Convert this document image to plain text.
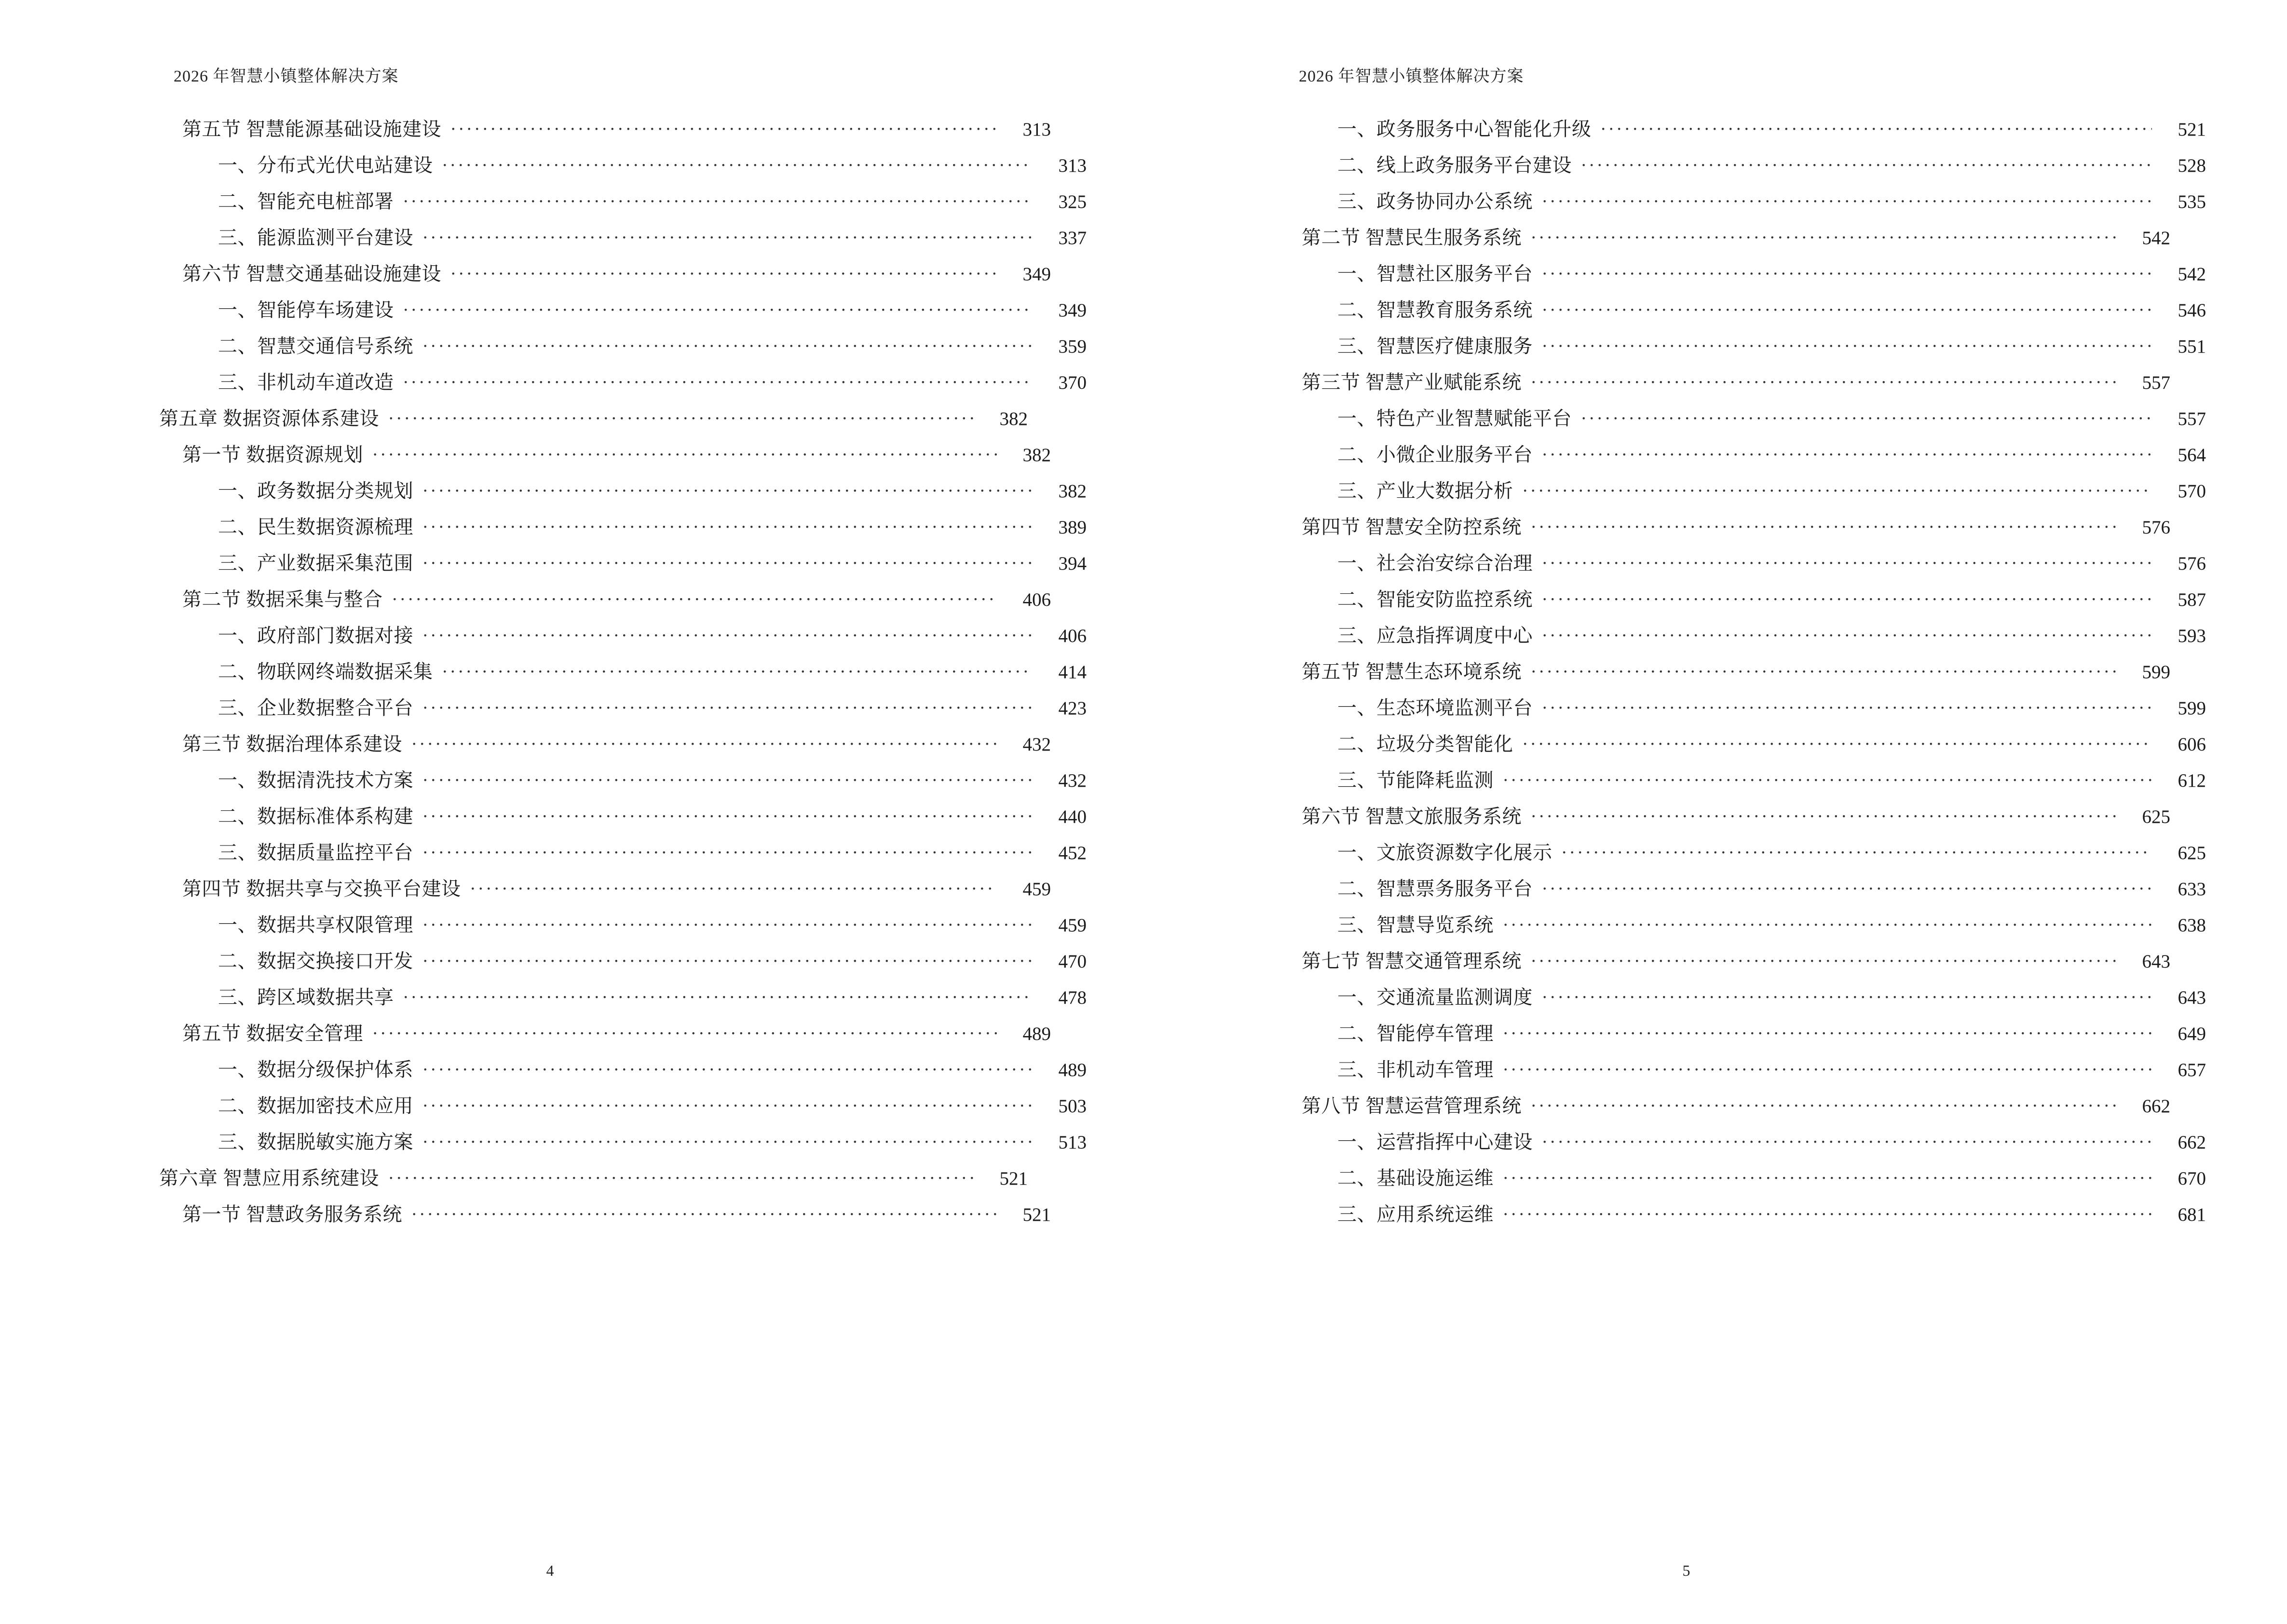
2026 年智慧小镇整体解决方案
第五节 智慧能源基础设施建设 .....	313
一、分布式光伏电站建设 .....	313
二、智能充电桩部署 .....	325
三、能源监测平台建设 .....	337
第六节 智慧交通基础设施建设 .....	349
一、智能停车场建设 .....	349
二、智慧交通信号系统 .....	359
三、非机动车道改造 .....	370
第五章 数据资源体系建设 .....	382
第一节 数据资源规划 .....	382
一、政务数据分类规划 .....	382
二、民生数据资源梳理 .....	389
三、产业数据采集范围 .....	394
第二节 数据采集与整合 .....	406
一、政府部门数据对接 .....	406
二、物联网终端数据采集 .....	414
三、企业数据整合平台 .....	423
第三节 数据治理体系建设 .....	432
一、数据清洗技术方案 .....	432
二、数据标准体系构建 .....	440
三、数据质量监控平台 .....	452
第四节 数据共享与交换平台建设 .....	459
一、数据共享权限管理 .....	459
二、数据交换接口开发 .....	470
三、跨区域数据共享 .....	478
第五节 数据安全管理 .....	489
一、数据分级保护体系 .....	489
二、数据加密技术应用 .....	503
三、数据脱敏实施方案 .....	513
第六章 智慧应用系统建设 .....	521
第一节 智慧政务服务系统 .....	521
4
2026 年智慧小镇整体解决方案
一、政务服务中心智能化升级 .....	521
二、线上政务服务平台建设 .....	528
三、政务协同办公系统 .....	535
第二节 智慧民生服务系统 .....	542
一、智慧社区服务平台 .....	542
二、智慧教育服务系统 .....	546
三、智慧医疗健康服务 .....	551
第三节 智慧产业赋能系统 .....	557
一、特色产业智慧赋能平台 .....	557
二、小微企业服务平台 .....	564
三、产业大数据分析 .....	570
第四节 智慧安全防控系统 .....	576
一、社会治安综合治理 .....	576
二、智能安防监控系统 .....	587
三、应急指挥调度中心 .....	593
第五节 智慧生态环境系统 .....	599
一、生态环境监测平台 .....	599
二、垃圾分类智能化 .....	606
三、节能降耗监测 .....	612
第六节 智慧文旅服务系统 .....	625
一、文旅资源数字化展示 .....	625
二、智慧票务服务平台 .....	633
三、智慧导览系统 .....	638
第七节 智慧交通管理系统 .....	643
一、交通流量监测调度 .....	643
二、智能停车管理 .....	649
三、非机动车管理 .....	657
第八节 智慧运营管理系统 .....	662
一、运营指挥中心建设 .....	662
二、基础设施运维 .....	670
三、应用系统运维 .....	681
5
